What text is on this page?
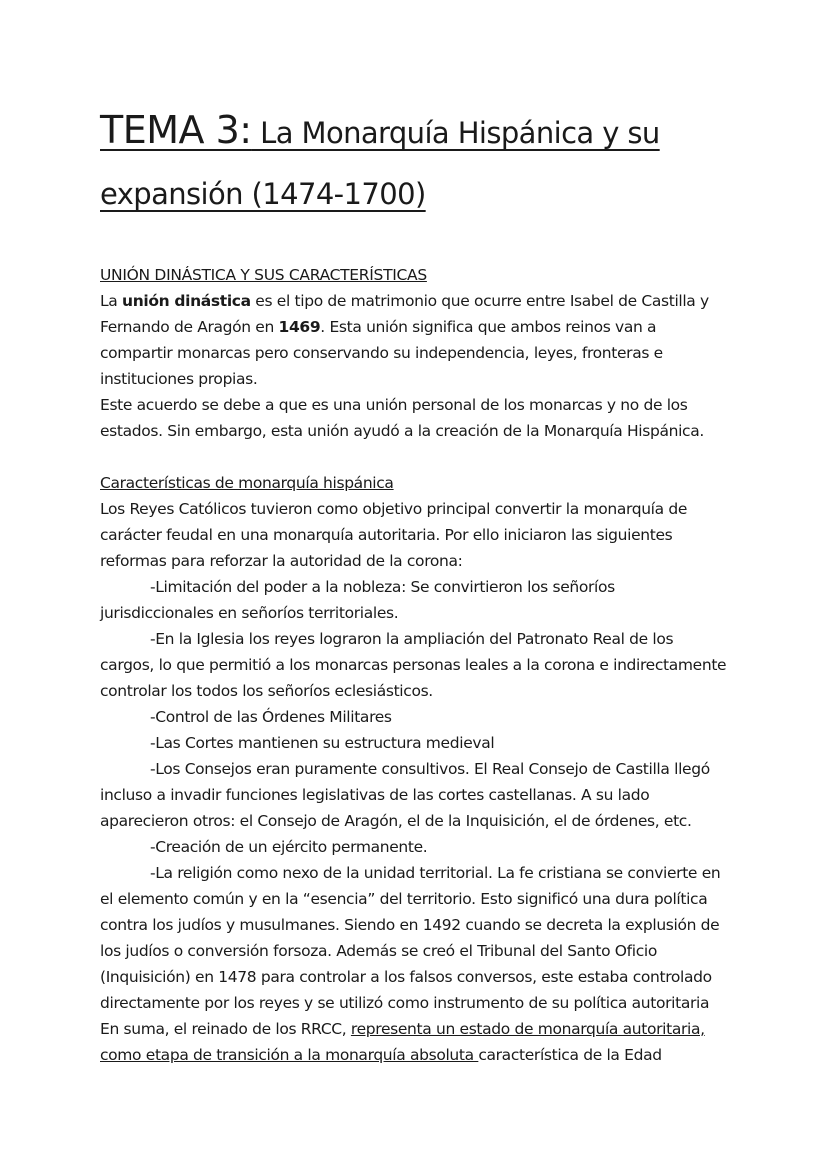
TEMA 3: La Monarquía Hispánica y su expansión (1474-1700)
UNIÓN DINÁSTICA Y SUS CARACTERÍSTICAS

La unión dinástica es el tipo de matrimonio que ocurre entre Isabel de Castilla y Fernando de Aragón en 1469. Esta unión significa que ambos reinos van a compartir monarcas pero conservando su independencia, leyes, fronteras e instituciones propias.

Este acuerdo se debe a que es una unión personal de los monarcas y no de los estados. Sin embargo, esta unión ayudó a la creación de la Monarquía Hispánica.

Características de monarquía hispánica

Los Reyes Católicos tuvieron como objetivo principal convertir la monarquía de carácter feudal en una monarquía autoritaria. Por ello iniciaron las siguientes reformas para reforzar la autoridad de la corona:

-Limitación del poder a la nobleza: Se convirtieron los señoríos jurisdiccionales en señoríos territoriales.

-En la Iglesia los reyes lograron la ampliación del Patronato Real de los cargos, lo que permitió a los monarcas personas leales a la corona e indirectamente controlar los todos los señoríos eclesiásticos.

-Control de las Órdenes Militares

-Las Cortes mantienen su estructura medieval

-Los Consejos eran puramente consultivos. El Real Consejo de Castilla llegó incluso a invadir funciones legislativas de las cortes castellanas. A su lado aparecieron otros: el Consejo de Aragón, el de la Inquisición, el de órdenes, etc.

-Creación de un ejército permanente.

-La religión como nexo de la unidad territorial. La fe cristiana se convierte en el elemento común y en la “esencia” del territorio. Esto significó una dura política contra los judíos y musulmanes. Siendo en 1492 cuando se decreta la explusión de los judíos o conversión forsoza. Además se creó el Tribunal del Santo Oficio (Inquisición) en 1478 para controlar a los falsos conversos, este estaba controlado directamente por los reyes y se utilizó como instrumento de su política autoritaria

En suma, el reinado de los RRCC, representa un estado de monarquía autoritaria, como etapa de transición a la monarquía absoluta característica de la Edad
